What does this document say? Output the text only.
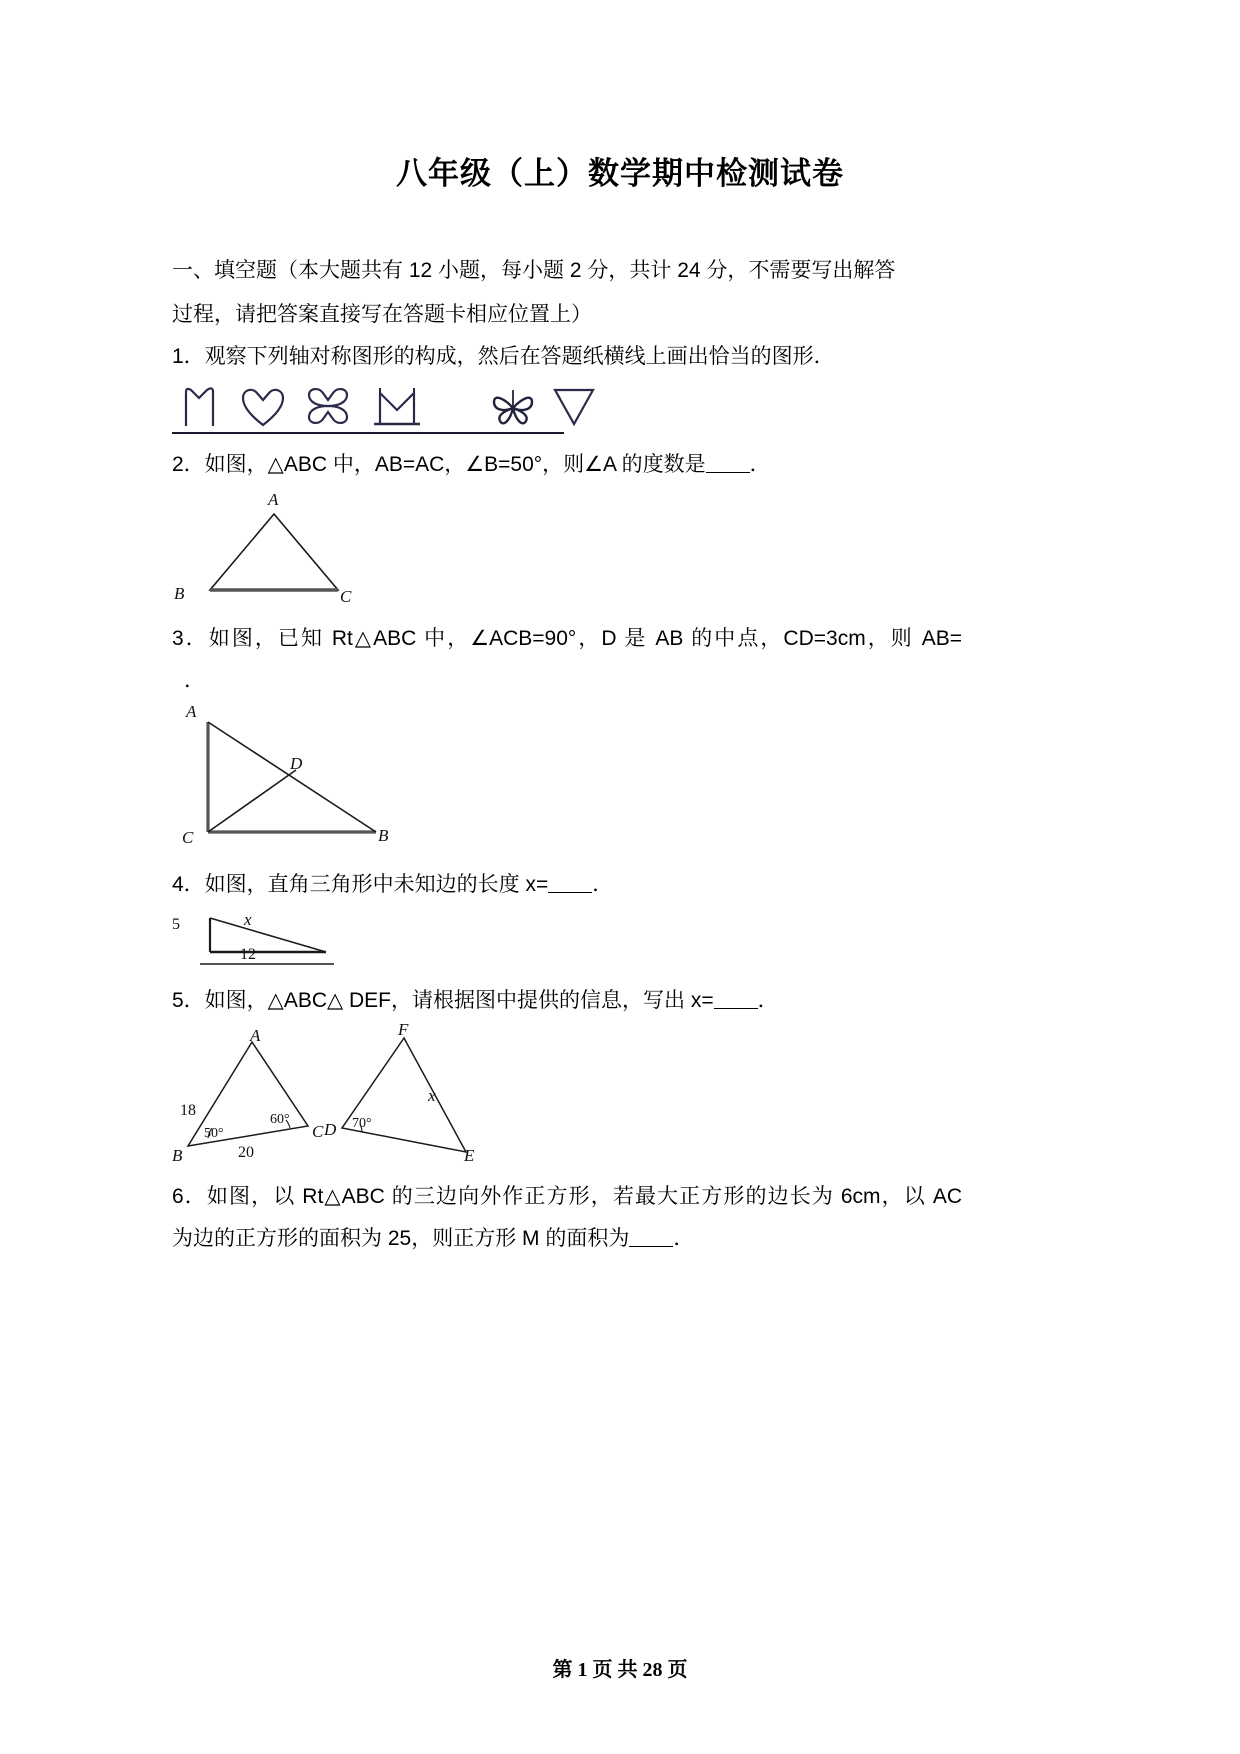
八年级（上）数学期中检测试卷

一、填空题（本大题共有 12 小题，每小题 2 分，共计 24 分，不需要写出解答

过程，请把答案直接写在答题卡相应位置上）

1．观察下列轴对称图形的构成，然后在答题纸横线上画出恰当的图形．

2．如图，△ABC 中，AB=AC，∠B=50°，则∠A 的度数是 ．

A
B	C

3．如图，已知 Rt△ABC 中，∠ACB=90°，D 是 AB 的中点，CD=3cm，则 AB=

．

A
C	B
D

4．如图，直角三角形中未知边的长度 x= ．

5	x
12

5．如图，△ABC△ DEF，请根据图中提供的信息，写出 x= ．

A
B
C
18
20
50°
60°
F
D
E
70°
x

6．如图，以 Rt△ABC 的三边向外作正方形，若最大正方形的边长为 6cm，以 AC

为边的正方形的面积为 25，则正方形 M 的面积为 ．

第 1 页 共 28 页
